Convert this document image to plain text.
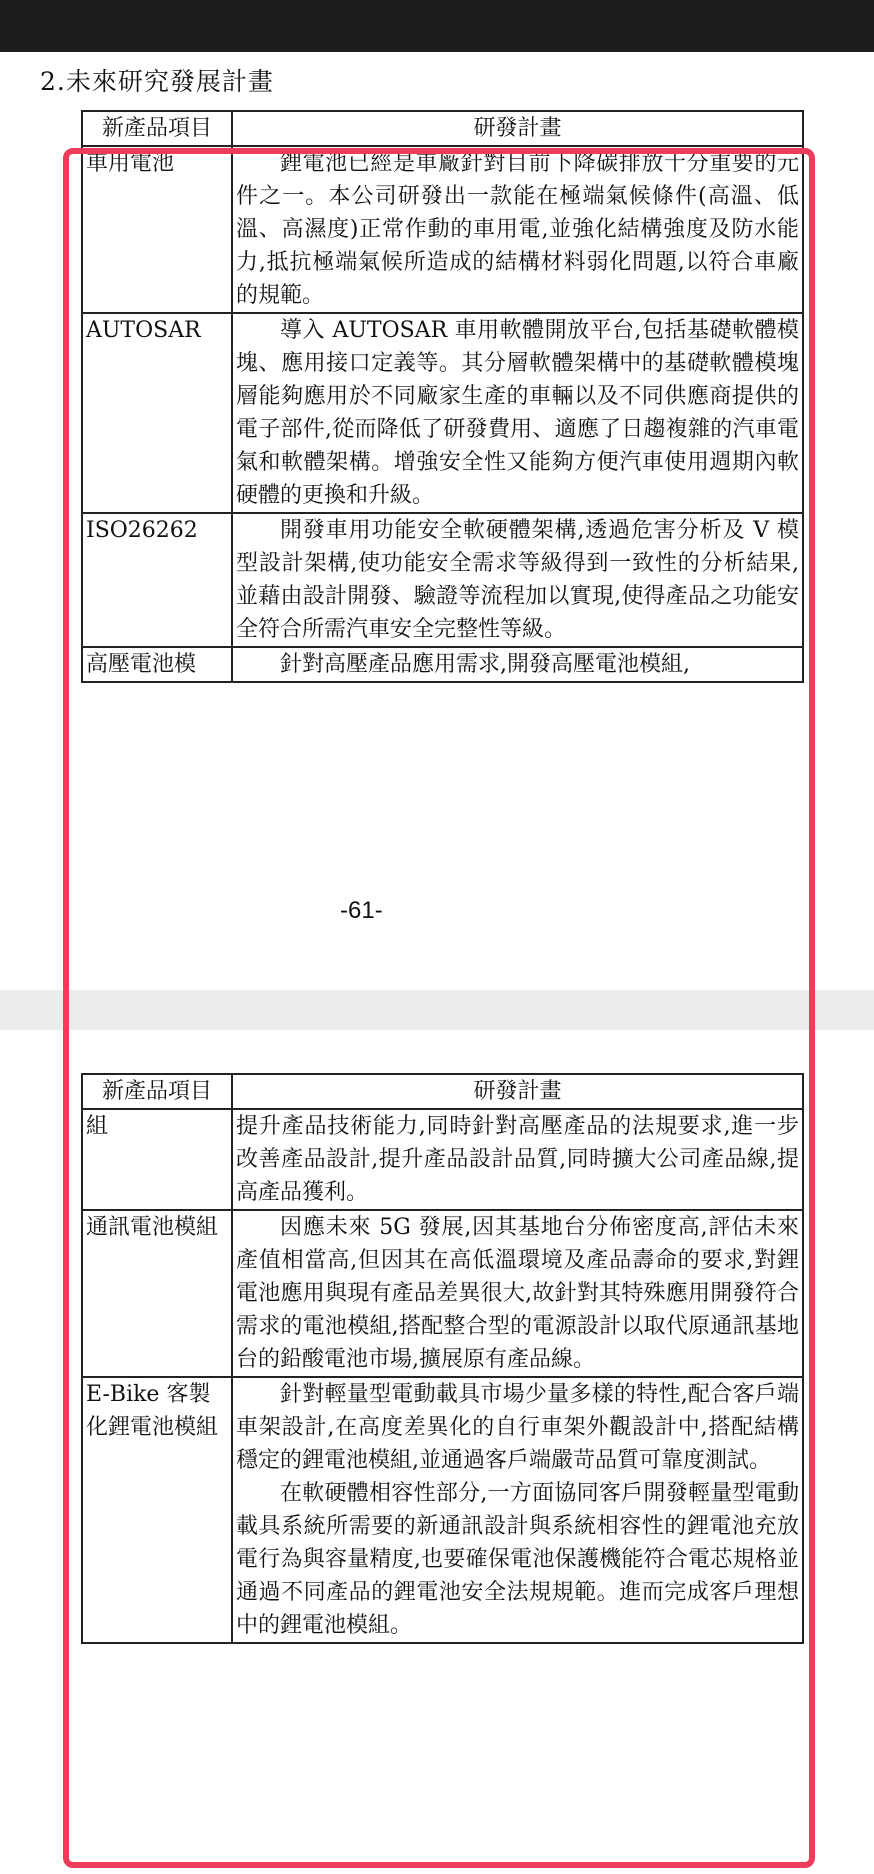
2.未來研究發展計畫
新產品項目	研發計畫
車用電池	鋰電池已經是車廠針對目前下降碳排放十分重要的元件之一。本公司研發出一款能在極端氣候條件(高溫、低溫、高濕度)正常作動的車用電,並強化結構強度及防水能力,抵抗極端氣候所造成的結構材料弱化問題,以符合車廠的規範。

AUTOSAR	導入 AUTOSAR 車用軟體開放平台,包括基礎軟體模塊、應用接口定義等。其分層軟體架構中的基礎軟體模塊層能夠應用於不同廠家生產的車輛以及不同供應商提供的電子部件,從而降低了研發費用、適應了日趨複雜的汽車電氣和軟體架構。增強安全性又能夠方便汽車使用週期內軟硬體的更換和升級。

ISO26262	開發車用功能安全軟硬體架構,透過危害分析及 V 模型設計架構,使功能安全需求等級得到一致性的分析結果,並藉由設計開發、驗證等流程加以實現,使得產品之功能安全符合所需汽車安全完整性等級。

高壓電池模	針對高壓產品應用需求,開發高壓電池模組,
-61-
新產品項目	研發計畫
組	提升產品技術能力,同時針對高壓產品的法規要求,進一步改善產品設計,提升產品設計品質,同時擴大公司產品線,提高產品獲利。

通訊電池模組	因應未來 5G 發展,因其基地台分佈密度高,評估未來產值相當高,但因其在高低溫環境及產品壽命的要求,對鋰電池應用與現有產品差異很大,故針對其特殊應用開發符合需求的電池模組,搭配整合型的電源設計以取代原通訊基地台的鉛酸電池市場,擴展原有產品線。

E-Bike 客製化鋰電池模組	針對輕量型電動載具市場少量多樣的特性,配合客戶端車架設計,在高度差異化的自行車架外觀設計中,搭配結構穩定的鋰電池模組,並通過客戶端嚴苛品質可靠度測試。
在軟硬體相容性部分,一方面協同客戶開發輕量型電動載具系統所需要的新通訊設計與系統相容性的鋰電池充放電行為與容量精度,也要確保電池保護機能符合電芯規格並通過不同產品的鋰電池安全法規規範。進而完成客戶理想中的鋰電池模組。
